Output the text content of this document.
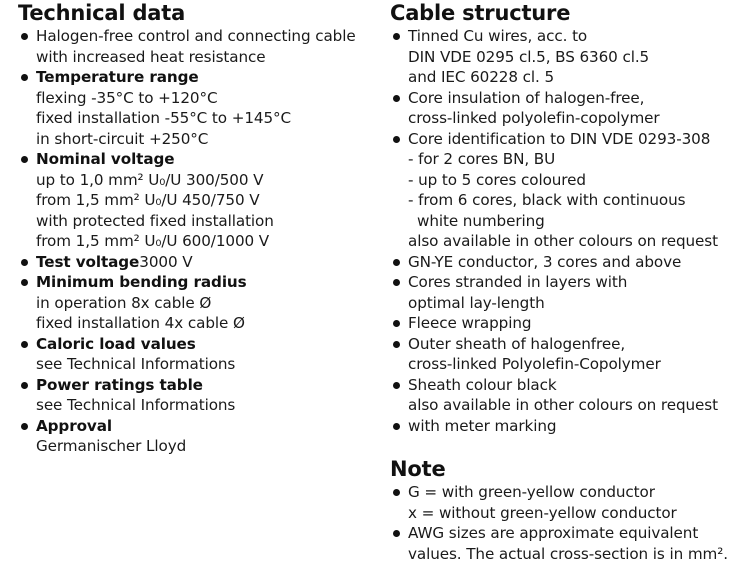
Technical data
Halogen-free control and connecting cable
with increased heat resistance
Temperature range
flexing -35°C to +120°C
fixed installation -55°C to +145°C
in short-circuit +250°C
Nominal voltage
up to 1,0 mm² U₀/U 300/500 V
from 1,5 mm² U₀/U 450/750 V
with protected fixed installation
from 1,5 mm² U₀/U 600/1000 V
Test voltage3000 V
Minimum bending radius
in operation 8x cable Ø
fixed installation 4x cable Ø
Caloric load values
see Technical Informations
Power ratings table
see Technical Informations
Approval
Germanischer Lloyd
Cable structure
Tinned Cu wires, acc. to
DIN VDE 0295 cl.5, BS 6360 cl.5
and IEC 60228 cl. 5
Core insulation of halogen-free,
cross-linked polyolefin-copolymer
Core identification to DIN VDE 0293-308
- for 2 cores BN, BU
- up to 5 cores coloured
- from 6 cores, black with continuous
white numbering
also available in other colours on request
GN-YE conductor, 3 cores and above
Cores stranded in layers with
optimal lay-length
Fleece wrapping
Outer sheath of halogenfree,
cross-linked Polyolefin-Copolymer
Sheath colour black
also available in other colours on request
with meter marking
Note
G = with green-yellow conductor
x = without green-yellow conductor
AWG sizes are approximate equivalent
values. The actual cross-section is in mm².
